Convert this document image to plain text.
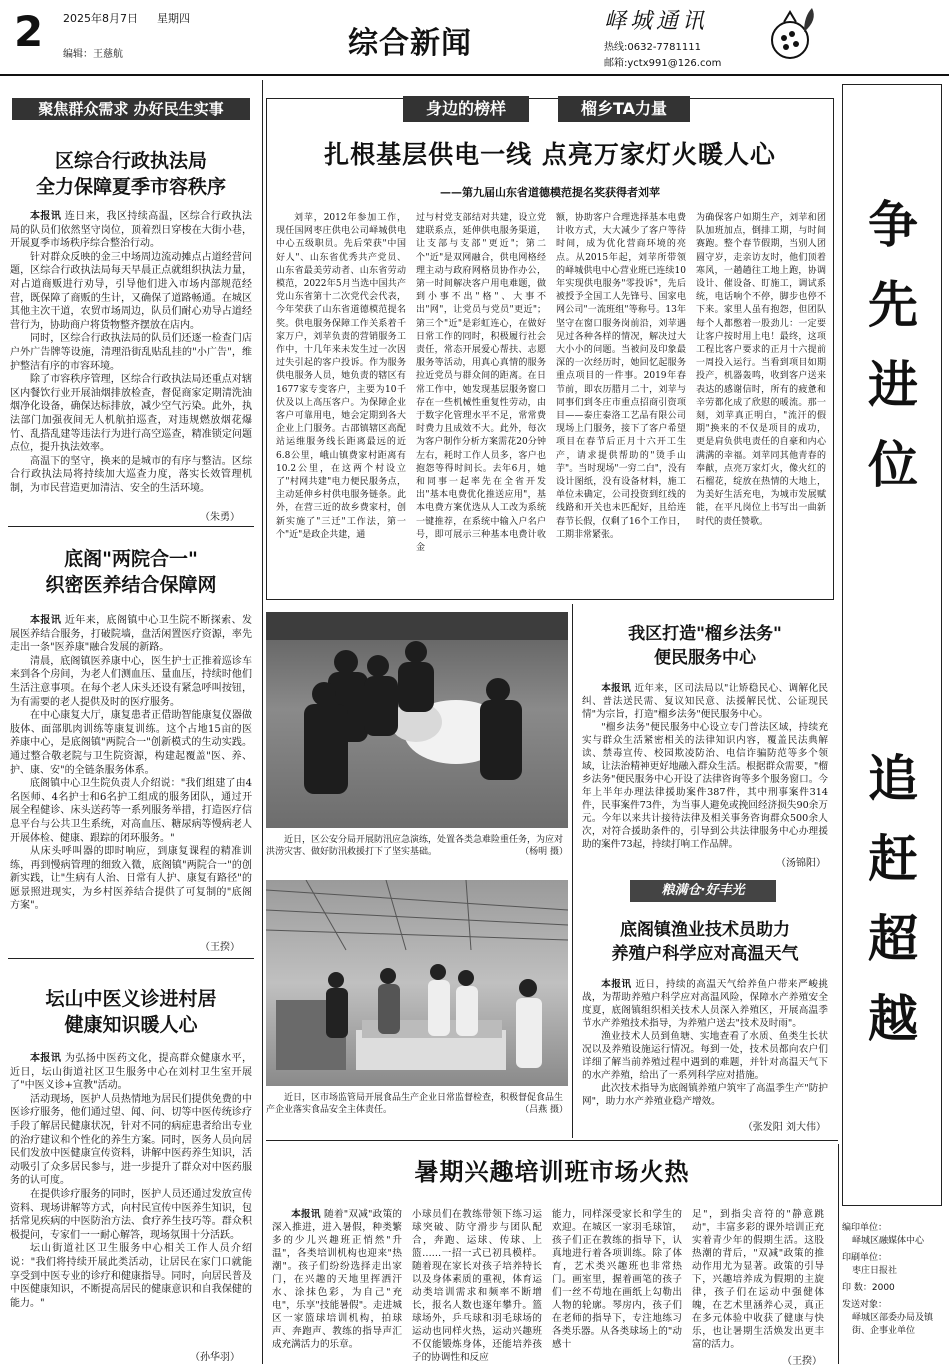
2 2025年8月7日 星期四
编辑：王慈航	综合新闻
峄城通讯
热线:0632-7781111
邮箱:yctx991@126.com
聚焦群众需求 办好民生实事
区综合行政执法局
全力保障夏季市容秩序

本报讯 连日来，我区持续高温，区综合行政执法局的队员们依然坚守岗位，顶着烈日穿梭在大街小巷，开展夏季市场秩序综合整治行动。

针对群众反映的金三中场周边流动摊点占道经营问题，区综合行政执法局每天早晨正点就组织执法力量，对占道商贩进行劝导，引导他们进入市场内部规范经营，既保障了商贩的生计，又确保了道路畅通。在城区其他主次干道，农贸市场周边，队员们耐心劝导占道经营行为，协助商户将货物整齐摆放在店内。

同时，区综合行政执法局的队员们还逐一检查门店户外广告牌等设施，清理沿街乱贴乱挂的"小广告"，维护整洁有序的市容环境。

除了市容秩序管理，区综合行政执法局还重点对辖区内餐饮行业开展油烟排放检查，督促商家定期清洗油烟净化设备，确保达标排放，减少空气污染。此外，执法部门加强夜间无人机航拍巡查，对违规燃放烟花爆竹、乱搭乱建等违法行为进行高空巡查，精准锁定问题点位，提升执法效率。

高温下的坚守，换来的是城市的有序与整洁。区综合行政执法局将持续加大巡查力度，落实长效管理机制，为市民营造更加清洁、安全的生活环境。

（朱勇）
底阁"两院合一"
织密医养结合保障网

本报讯 近年来，底阁镇中心卫生院不断探索、发展医养结合服务，打破院墙，盘活闲置医疗资源，率先走出一条"医养康"融合发展的新路。

清晨，底阁镇医养康中心，医生护士正推着巡诊车来到各个房间，为老人们测血压、量血压，持续时他们生活注意事项。在每个老人床头还设有紧急呼叫按钮，为有需要的老人提供及时的医疗服务。

在中心康复大厅，康复患者正借助智能康复仪器做肢体、面部肌肉训练等康复训练。这个占地15亩的医养康中心，是底阁镇"两院合一"创新模式的生动实践。通过整合敬老院与卫生院资源，构建起覆盖"医、养、护、康、安"的全链条服务体系。

底阁镇中心卫生院负责人介绍说："我们组建了由4名医师、4名护士和6名护工组成的服务团队，通过开展全程健诊、床头送药等一系列服务举措，打造医疗信息平台与公共卫生系统，对高血压、糖尿病等慢病老人开展体检、健康、跟踪的闭环服务。"

从床头呼叫器的即时响应，到康复课程的精准训练，再到慢病管理的细致入微，底阁镇"两院合一"的创新实践，让"生病有人治、日常有人护、康复有路径"的愿景照进现实，为乡村医养结合提供了可复制的"底阁方案"。

（王揆）
坛山中医义诊进村居
健康知识暖人心

本报讯 为弘扬中医药文化，提高群众健康水平，近日，坛山街道社区卫生服务中心在刘村卫生室开展了"中医义诊+宣教"活动。

活动现场，医护人员热情地为居民们提供免费的中医诊疗服务，他们通过望、闻、问、切等中医传统诊疗手段了解居民健康状况，针对不同的病症患者给出专业的治疗建议和个性化的养生方案。同时，医务人员向居民们发放中医健康宣传资料，讲解中医药养生知识，活动吸引了众多居民参与，进一步提升了群众对中医药服务的认可度。

在提供诊疗服务的同时，医护人员还通过发放宣传资料、现场讲解等方式，向村民宣传中医养生知识，包括常见疾病的中医防治方法、食疗养生技巧等。群众积极提问，专家们一一耐心解答，现场氛围十分活跃。

坛山街道社区卫生服务中心相关工作人员介绍说："我们将持续开展此类活动，让居民在家门口就能享受到中医专业的诊疗和健康指导。同时，向居民普及中医健康知识，不断提高居民的健康意识和自我保健的能力。"

（孙华羽）
身边的榜样	榴乡TA力量
扎根基层供电一线 点亮万家灯火暖人心
——第九届山东省道德模范提名奖获得者刘苹
刘苹，2012年参加工作，现任国网枣庄供电公司峄城供电中心五级职员。先后荣获"中国好人"、山东省优秀共产党员、山东省最美劳动者、山东省劳动模范，2022年5月当选中国共产党山东省第十二次党代会代表，今年荣获了山东省道德模范提名奖。供电服务保障工作关系着千家万户，刘苹负责的营销服务工作中，十几年来未发生过一次因过失引起的客户投诉。作为服务供电服务人员，她负责的辖区有1677家专变客户，主要为10千伏及以上高压客户。为保障企业客户可靠用电，她会定期到各大企业上门服务。古邵镇辖区高配站运维服务线长距离最远的近6.8公里，峨山镇费家村距离有10.2公里，在这两个村设立了"村网共建"电力便民服务点，主动延伸乡村供电服务链条。此外，在营三近的故乡费家村，创新实施了"三迁"工作法，第一个"近"是政企共建，通
过与村党支部结对共建，设立党建联系点，延伸供电服务渠道，让支部与支部"更近"；第二个"近"是双网融合，供电网格经理主动与政府网格员协作办公，第一时间解决客户用电难题，做到小事不出"格"、大事不出"网"，让党员与党员"更近"；第三个"近"是彩虹连心，在做好日常工作的同时，积极履行社会责任，常态开展爱心帮扶、志愿服务等活动，用真心真情的服务拉近党员与群众间的距离。在日常工作中，她发现基层服务窗口存在一些机械性重复性劳动，由于数字化管理水平不足，常常费时费力且成效不大。此外，每次为客户制作分析方案需花20分钟左右，耗时工作人员多，客户也抱怨等得时间长。去年6月，她和同事一起率先在全省开发出"基本电费优化推送应用"，基本电费方案优选从人工改为系统一键推荐，在系统中输入户名户号，即可展示三种基本电费计收金
额，协助客户合理选择基本电费计收方式，大大减少了客户等待时间，成为优化营商环境的亮点。从2015年起，刘苹所带领的峄城供电中心营业班已连续10年实现供电服务"零投诉"，先后被授予全国工人先锋号、国家电网公司"一流班组"等称号。13年坚守在窗口服务岗前沿，刘苹遇见过各种各样的情况，解决过大大小小的问题。当被问及印象最深的一次经历时，她回忆起服务重点项目的一件事。2019年春节前，即农历腊月二十，刘苹与同事们到冬庄市重点招商引资项目——泰庄泰洛工艺品有限公司现场上门服务，接下了客户希望项目在春节后正月十六开工生产，请求提供帮助的"烫手山芋"。当时现场"一穷二白"，没有设计图纸，没有设备材料，施工单位未确定，公司投资到红线的线路和开关也未匹配好，且给连春节长假，仅剩了16个工作日，工期非常紧张。
为确保客户如期生产，刘苹和团队加班加点，倒排工期，与时间赛跑。整个春节假期，当别人团圆守岁，走亲访友时，他们顶着寒风，一趟趟往工地上跑，协调设计、催设备、盯施工，调试系统，电话响个不停，脚步也停不下来。家里人虽有抱怨，但团队每个人都憋着一股劲儿：一定要让客户按时用上电！最终，这项工程比客户要求的正月十六提前一周投入运行。当看到项目如期投产，机器轰鸣，收到客户送来表达的感谢信时，所有的疲惫和辛劳都化成了欣慰的暖流。那一刻，刘苹真正明白，"流汗的假期"换来的不仅是项目的成功，更是肩负供电责任的自豪和内心满满的幸福。刘苹同其他青春的奉献，点亮万家灯火，像火红的石榴花，绽放在热情的大地上，为美好生活充电，为城市发展赋能，在平凡岗位上书写出一曲新时代的责任赞歌。
近日，区公安分局开展防汛应急演练，处置各类急难险重任务，为应对洪涝灾害、做好防汛救援打下了坚实基础。	（杨明 摄）
近日，区市场监管局开展食品生产企业日常监督检查，积极督促食品生产企业落实食品安全主体责任。	（吕燕 摄）
我区打造"榴乡法务"
便民服务中心

本报讯 近年来，区司法局以"让矫稳民心、调解化民纠、普法送民需、复议知民意、法援解民忧、公证现民情"为宗旨，打造"榴乡法务"便民服务中心。

"榴乡法务"便民服务中心设立专门普法区域，持续充实与群众生活紧密相关的法律知识内容，覆盖民法典解读、禁毒宣传、校园欺凌防治、电信诈骗防范等多个领域，让法治精神更好地融入群众生活。根据群众需要，"榴乡法务"便民服务中心开设了法律咨询等多个服务窗口。今年上半年办理法律援助案件387件，其中刑事案件314件，民事案件73件，为当事人避免或挽回经济损失90余万元。今年以来共计接待法律及相关事务咨询群众500余人次，对符合援助条件的，引导到公共法律服务中心办理援助的案件73起，持续打响工作品牌。

（汤锦阳）
粮满仓·好丰光
底阁镇渔业技术员助力
养殖户科学应对高温天气

本报讯 近日，持续的高温天气给养鱼户带来严峻挑战，为帮助养殖户科学应对高温风险，保障水产养殖安全度夏，底阁镇组织相关技术人员深入养殖区，开展高温季节水产养殖技术指导，为养殖户送去"技术及时雨"。

渔业技术人员到鱼塘、实地查看了水质、鱼类生长状况以及养殖设施运行情况。每到一处，技术员都向农户们详细了解当前养殖过程中遇到的难题，并针对高温天气下的水产养殖，给出了一系列科学应对措施。

此次技术指导为底阁镇养殖户筑牢了高温季生产"防护网"，助力水产养殖业稳产增效。

（张发阳 刘大伟）
争先进位
追赶超越
暑期兴趣培训班市场火热

本报讯 随着"双减"政策的深入推进，进入暑假，种类繁多的少儿兴趣班正悄然"升温"，各类培训机构也迎来"热潮"。孩子们纷纷选择走出家门，在兴趣的天地里挥洒汗水、涂抹色彩，为自己"充电"，乐享"技能暑假"。走进城区一家篮球培训机构，拍球声、奔跑声、教练的指导声汇成充满活力的乐章。

小球员们在教练带领下练习运球突破、防守滑步与团队配合，奔跑、运球、传球、上篮……一招一式已初具模样。随着现在家长对孩子培养特长以及身体素质的重视，体育运动类培训需求和频率不断增长，报名人数也逐年攀升。篮球场外，乒乓球和羽毛球场的运动也同样火热，运动兴趣班不仅能锻炼身体，还能培养孩子的协调性和反应
能力，同样深受家长和学生的欢迎。在城区一家羽毛球馆，孩子们正在教练的指导下，认真地进行着各项训练。除了体育，艺术类兴趣班也非常热门。画室里，握着画笔的孩子们一丝不苟地在画纸上勾勒出人物的轮廓。琴房内，孩子们在老师的指导下，专注地练习各类乐器。从各类球场上的"动感十
足"，到指尖音符的"静意跳动"，丰富多彩的课外培训正充实着青少年的假期生活。这股热潮的背后，"双减"政策的推动作用尤为显著。政策的引导下，兴趣培养成为假期的主旋律，孩子们在运动中强健体魄，在艺术里涵养心灵，真正在多元体验中收获了健康与快乐，也让暑期生活焕发出更丰富的活力。
（王揆）
编印单位：
峄城区融媒体中心
印刷单位：
枣庄日报社
印 数：2000
发送对象：
峄城区部委办局及镇街、企事业单位
